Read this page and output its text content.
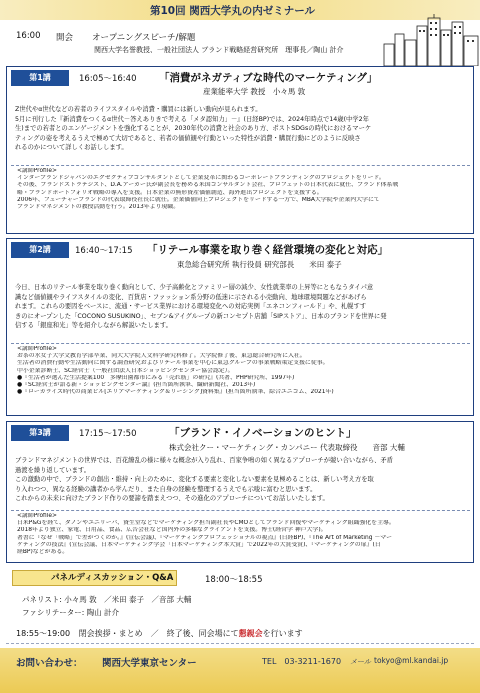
第10回 関西大学丸の内ゼミナール
16:00 開会 オープニングスピーチ/解題
関西大学名誉教授、一般社団法人 ブランド戦略経営研究所　理事長／陶山 計介
第1講	16:05～16:40 「消費がネガティブな時代のマーケティング」
産業能率大学 教授　小々馬 敦

Z世代やα世代などの若者のライフスタイルや消費・購買には新しい動向が見られます。

5月に刊行した『新消費をつくるα世代－答えありきで考える「メタ認知力」－』(日経BP)では、2024年時点で14歳(中学2年

生)までの若者とのエンゲージメントを強化することが、2030年代の消費と社会のあり方、ポストSDGsの時代におけるマーケ

ティングの姿を考えるうえで極めて大切であると、若者の価値観や行動といった特性が消費・購買行動にどのように反映さ

れるのかについて詳しくお話しします。

<講師Profile>

インターブランドジャパンのエグゼクティブコンサルタントとして企業変革に関わるコーポレートブランディングのプロジェクトをリード。

その後、ブランドストラテジスト、D.A.アーカー氏が副会長を務める米国コンサルタント会社、プロフェットの日本代表に就任、ブランド体系戦

略・ブランドポートフォリオ戦略の導入を支援。日本企業の無形資産価値創造、海外進出プロジェクトを支援する。

2006年、フューチャーブランドの代表取締役社長に就任。企業価値向上プロジェクトをリードする一方で、MBA大学院や企業内大学にて

ブランドマネジメントの教授活動を行う。2013年より現職。

第2講	16:40～17:15 「リテール事業を取り巻く経営環境の変化と対応」
東急総合研究所 執行役員 研究部長　　米田 泰子

今日、日本のリテール事業を取り巻く動向として、少子高齢化とファミリー層の減少、女性就業率の上昇等にともなうタイパ意

識など価値観やライフスタイルの変化、百貨店・ファッション系分野の低迷に示される小売動向、地球環境問題などがあげら

れます。これらの要因をベースに、流通・サービス業界における環境変化への対応実例「エネコンフィールド」や、札幌すす

きのにオープンした「COCONO SUSUKINO」、セブン&アイグループの新コンセプト店舗「SIPストア」、日本のブランドを世界に発

信する「銀座和光」等を紹介しながら解説いたします。

<講師Profile>

お茶の水女子大学文教育学部卒業、同大大学院人文科学研究科修了。大学院修了後、東急総合研究所に入社。

生活者の消費行動や生活動向に関する調査研究およびリテール事業を中心に東急グループの事業戦略策定支援に従事。

中小企業診断士、SC経営士（一般社団法人日本ショッピングセンター協会認定）。

●『生活者が選んだ生活提案100　多摩田園都市にみる「売れ筋」の研究』(共著、PHP研究所、1997年)

●『SC経営士が語る新・ショッピングセンター論』(担当箇所執筆、繊研新聞社、2013年)

●『ローカライズ時代の商業ビル[エリアマーケティング＆リーシング]資料集』(担当箇所執筆、綜合ユニコム、2021年)

第3講	17:15～17:50	「ブランド・イノベーションのヒント」
株式会社クー・マーケティング・カンパニー 代表取締役　　音部 大輔

ブランドマネジメントの世界では、百花繚乱の様に様々な概念が入り乱れ、百家争鳴の如く異なるアプローチが競い合いながら、矛盾

過渡を繰り返しています。

この激動の中で、ブランドの創出・維持・向上のために、変化する要素と変化しない要素を見極めることは、新しい考え方を取

り入れつつ、異なる経験の講者から学んだり、また自身の経験を整理するうえでも示唆に富むと思います。

これからの未来に向けたブランド作りの要諦を踏まえつつ、その進化のアプローチについてお話しいたします。

<講師Profile>

日米P&Gを経て、ダノンやユニリーバ、資生堂などでマーケティング担当副社長やCMOとしてブランド回復やマーケティング組織強化を主導。

2018年より独立、家電、日用品、食品、広告会社など国内外の多様なクライアントを支援。博士(経営学 神戸大学)。

著書に『なぜ「戦略」で差がつくのか。』(宣伝会議)、『マーケティングプロフェッショナルの視点』(日経BP)、『The Art of Marketing －マー

ケティングの技法』(宣伝会議、日本マーケティング学会「日本マーケティング本大賞」で2022年の大賞受賞)、『マーケティングの扉』(日

経BP)などがある。

パネルディスカッション・Q&A	18:00～18:55
パネリスト: 小々馬 敦　／米田 泰子　／音部 大輔
ファシリテーター: 陶山 計介
18:55～19:00 閉会挨拶・まとめ　／　終了後、同会場にて懇親会を行います
お問い合わせ： 関西大学東京センター	TEL　03-3211-1670 メール tokyo@ml.kandai.jp
